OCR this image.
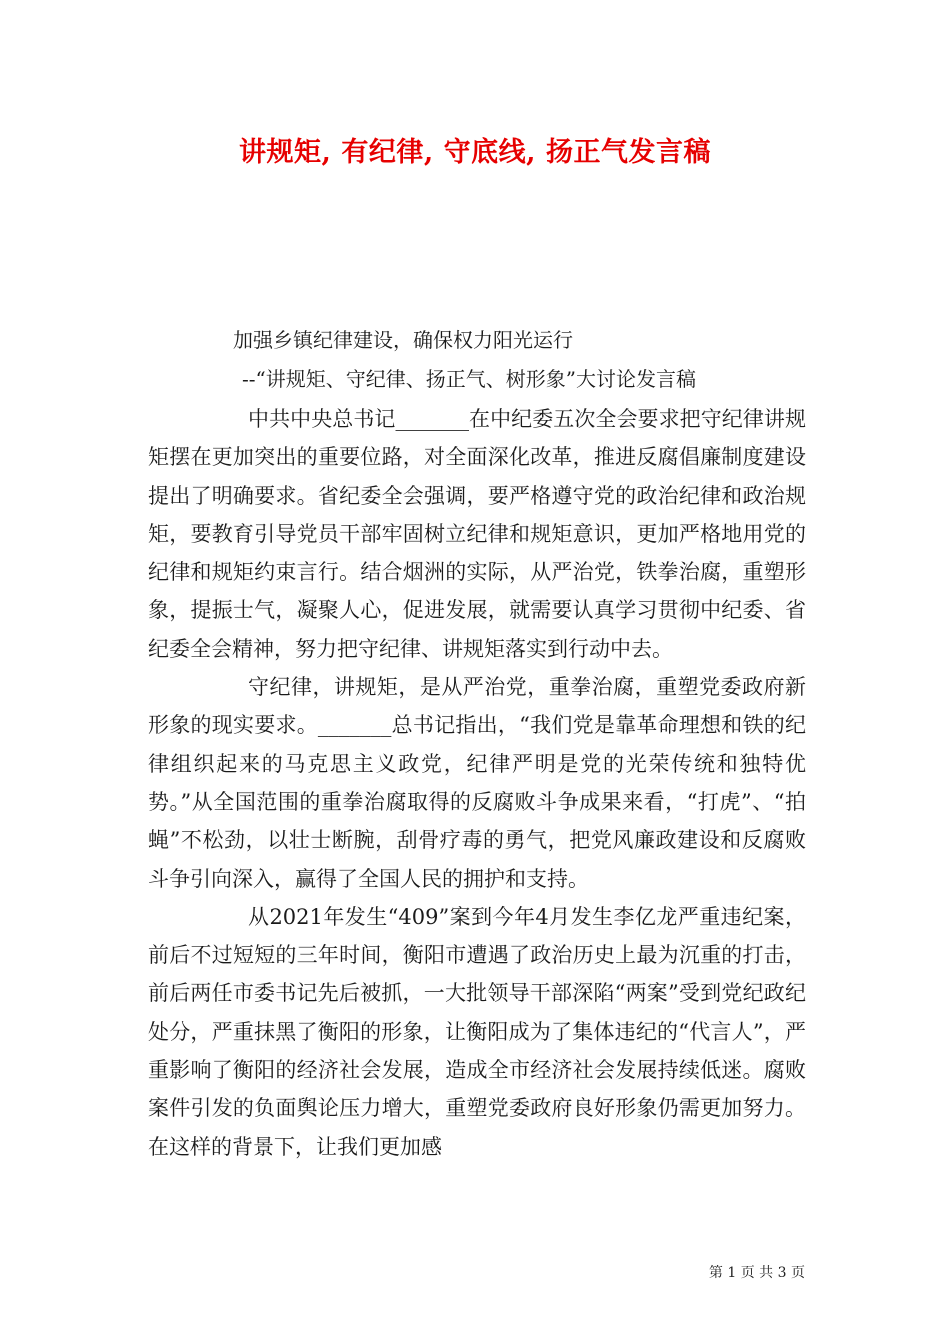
讲规矩, 有纪律, 守底线, 扬正气发言稿
加强乡镇纪律建设，确保权力阳光运行
--“讲规矩、守纪律、扬正气、树形象”大讨论发言稿

中共中央总书记_______在中纪委五次全会要求把守纪律讲规矩摆在更加突出的重要位路，对全面深化改革，推进反腐倡廉制度建设提出了明确要求。省纪委全会强调，要严格遵守党的政治纪律和政治规矩，要教育引导党员干部牢固树立纪律和规矩意识，更加严格地用党的纪律和规矩约束言行。结合烟洲的实际，从严治党，铁拳治腐，重塑形象，提振士气，凝聚人心，促进发展，就需要认真学习贯彻中纪委、省纪委全会精神，努力把守纪律、讲规矩落实到行动中去。

守纪律，讲规矩，是从严治党，重拳治腐，重塑党委政府新形象的现实要求。_______总书记指出，“我们党是靠革命理想和铁的纪律组织起来的马克思主义政党，纪律严明是党的光荣传统和独特优势。”从全国范围的重拳治腐取得的反腐败斗争成果来看，“打虎”、“拍蝇”不松劲，以壮士断腕，刮骨疗毒的勇气，把党风廉政建设和反腐败斗争引向深入，赢得了全国人民的拥护和支持。

从2021年发生“409”案到今年4月发生李亿龙严重违纪案，前后不过短短的三年时间，衡阳市遭遇了政治历史上最为沉重的打击，前后两任市委书记先后被抓，一大批领导干部深陷“两案”受到党纪政纪处分，严重抹黑了衡阳的形象，让衡阳成为了集体违纪的“代言人”，严重影响了衡阳的经济社会发展，造成全市经济社会发展持续低迷。腐败案件引发的负面舆论压力增大，重塑党委政府良好形象仍需更加努力。在这样的背景下，让我们更加感

第 1 页 共 3 页
